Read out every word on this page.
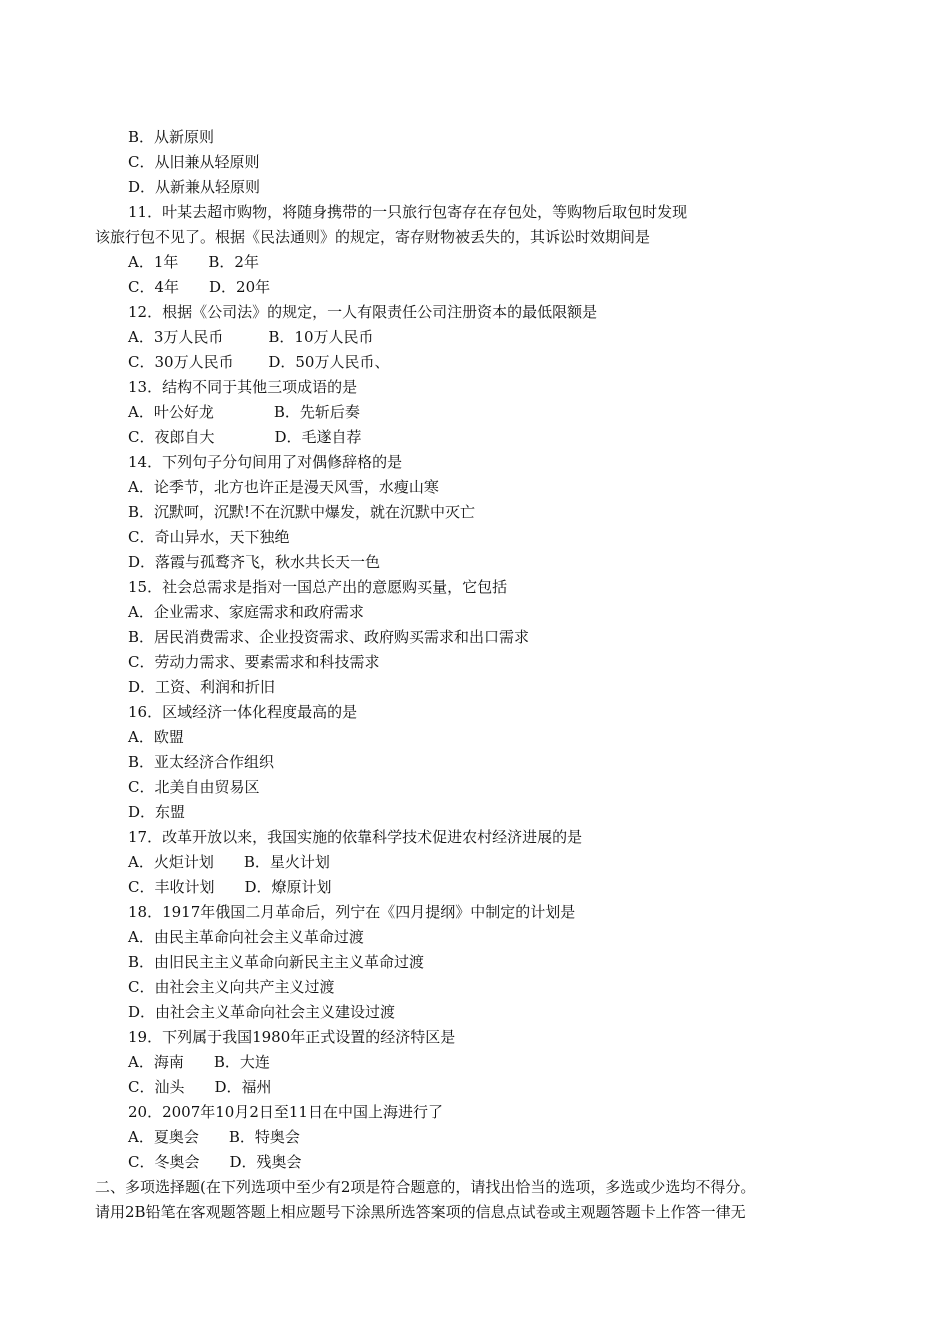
B．从新原则
C．从旧兼从轻原则
D．从新兼从轻原则
11．叶某去超市购物，将随身携带的一只旅行包寄存在存包处，等购物后取包时发现
该旅行包不见了。根据《民法通则》的规定，寄存财物被丢失的，其诉讼时效期间是
A．1年　　B．2年
C．4年　　D．20年
12．根据《公司法》的规定，一人有限责任公司注册资本的最低限额是
A．3万人民币　　　B．10万人民币
C．30万人民币　　 D．50万人民币、
13．结构不同于其他三项成语的是
A．叶公好龙　　　　B．先斩后奏
C．夜郎自大　　　　D．毛遂自荐
14．下列句子分句间用了对偶修辞格的是
A．论季节，北方也许正是漫天风雪，水瘦山寒
B．沉默呵，沉默!不在沉默中爆发，就在沉默中灭亡
C．奇山异水，天下独绝
D．落霞与孤鹜齐飞，秋水共长天一色
15．社会总需求是指对一国总产出的意愿购买量，它包括
A．企业需求、家庭需求和政府需求
B．居民消费需求、企业投资需求、政府购买需求和出口需求
C．劳动力需求、要素需求和科技需求
D．工资、利润和折旧
16．区域经济一体化程度最高的是
A．欧盟
B．亚太经济合作组织
C．北美自由贸易区
D．东盟
17．改革开放以来，我国实施的依靠科学技术促进农村经济进展的是
A．火炬计划　　B．星火计划
C．丰收计划　　D．燎原计划
18．1917年俄国二月革命后，列宁在《四月提纲》中制定的计划是
A．由民主革命向社会主义革命过渡
B．由旧民主主义革命向新民主主义革命过渡
C．由社会主义向共产主义过渡
D．由社会主义革命向社会主义建设过渡
19．下列属于我国1980年正式设置的经济特区是
A．海南　　B．大连
C．汕头　　D．福州
20．2007年10月2日至11日在中国上海进行了
A．夏奥会　　B．特奥会
C．冬奥会　　D．残奥会
二、多项选择题(在下列选项中至少有2项是符合题意的，请找出恰当的选项，多选或少选均不得分。
请用2B铅笔在客观题答题上相应题号下涂黑所选答案项的信息点试卷或主观题答题卡上作答一律无
